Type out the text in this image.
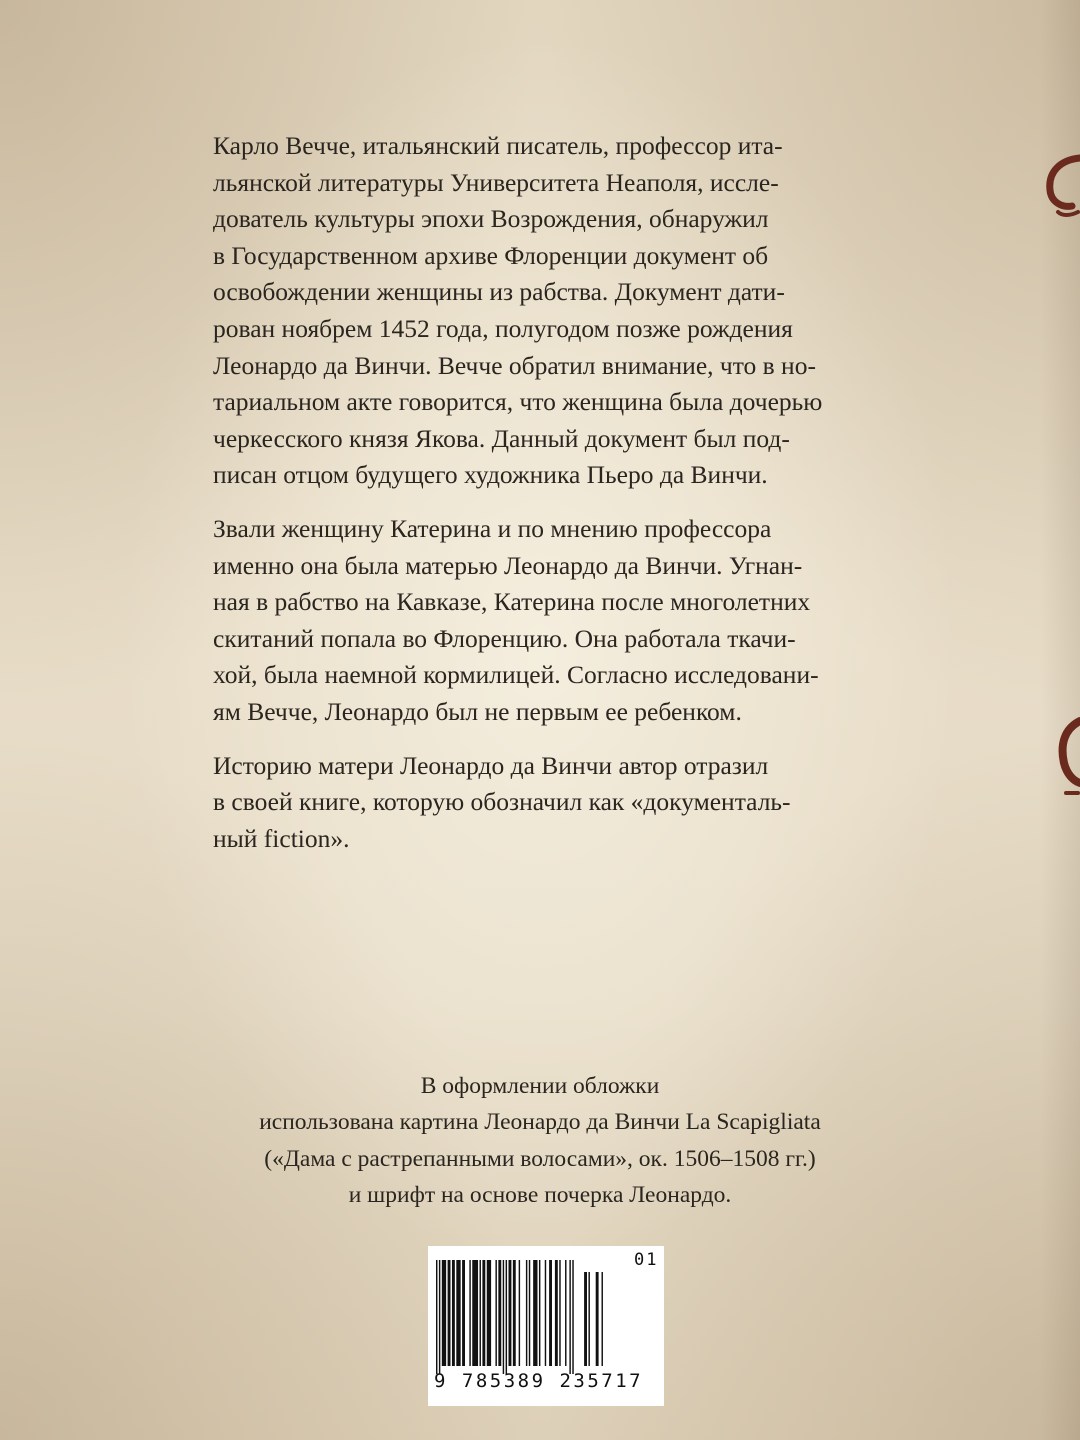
Карло Вечче, итальянский писатель, профессор ита-
льянской литературы Университета Неаполя, иссле-
дователь культуры эпохи Возрождения, обнаружил
в Государственном архиве Флоренции документ об
освобождении женщины из рабства. Документ дати-
рован ноябрем 1452 года, полугодом позже рождения
Леонардо да Винчи. Вечче обратил внимание, что в но-
тариальном акте говорится, что женщина была дочерью
черкесского князя Якова. Данный документ был под-
писан отцом будущего художника Пьеро да Винчи.

Звали женщину Катерина и по мнению профессора
именно она была матерью Леонардо да Винчи. Угнан-
ная в рабство на Кавказе, Катерина после многолетних
скитаний попала во Флоренцию. Она работала ткачи-
хой, была наемной кормилицей. Согласно исследовани-
ям Вечче, Леонардо был не первым ее ребенком.

Историю матери Леонардо да Винчи автор отразил
в своей книге, которую обозначил как «документаль-
ный fiction».

В оформлении обложки
использована картина Леонардо да Винчи La Scapigliata
(«Дама с растрепанными волосами», ок. 1506–1508 гг.)
и шрифт на основе почерка Леонардо.
01
9 785389 235717
